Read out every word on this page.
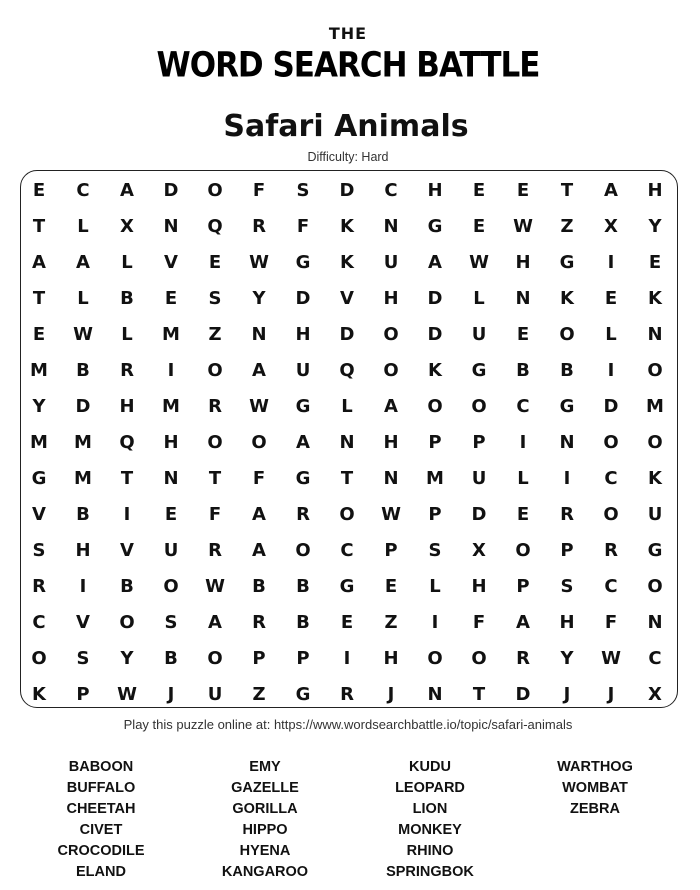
THE
WORD SEARCH BATTLE
Safari Animals
Difficulty: Hard
E	C	A	D	O	F	S	D	C	H	E	E	T	A	H
T	L	X	N	Q	R	F	K	N	G	E	W	Z	X	Y
A	A	L	V	E	W	G	K	U	A	W	H	G	I	E
T	L	B	E	S	Y	D	V	H	D	L	N	K	E	K
E	W	L	M	Z	N	H	D	O	D	U	E	O	L	N
M	B	R	I	O	A	U	Q	O	K	G	B	B	I	O
Y	D	H	M	R	W	G	L	A	O	O	C	G	D	M
M	M	Q	H	O	O	A	N	H	P	P	I	N	O	O
G	M	T	N	T	F	G	T	N	M	U	L	I	C	K
V	B	I	E	F	A	R	O	W	P	D	E	R	O	U
S	H	V	U	R	A	O	C	P	S	X	O	P	R	G
R	I	B	O	W	B	B	G	E	L	H	P	S	C	O
C	V	O	S	A	R	B	E	Z	I	F	A	H	F	N
O	S	Y	B	O	P	P	I	H	O	O	R	Y	W	C
K	P	W	J	U	Z	G	R	J	N	T	D	J	J	X
Play this puzzle online at: https://www.wordsearchbattle.io/topic/safari-animals
BABOON
BUFFALO
CHEETAH
CIVET
CROCODILE
ELAND
EMY
GAZELLE
GORILLA
HIPPO
HYENA
KANGAROO
KUDU
LEOPARD
LION
MONKEY
RHINO
SPRINGBOK
WARTHOG
WOMBAT
ZEBRA
